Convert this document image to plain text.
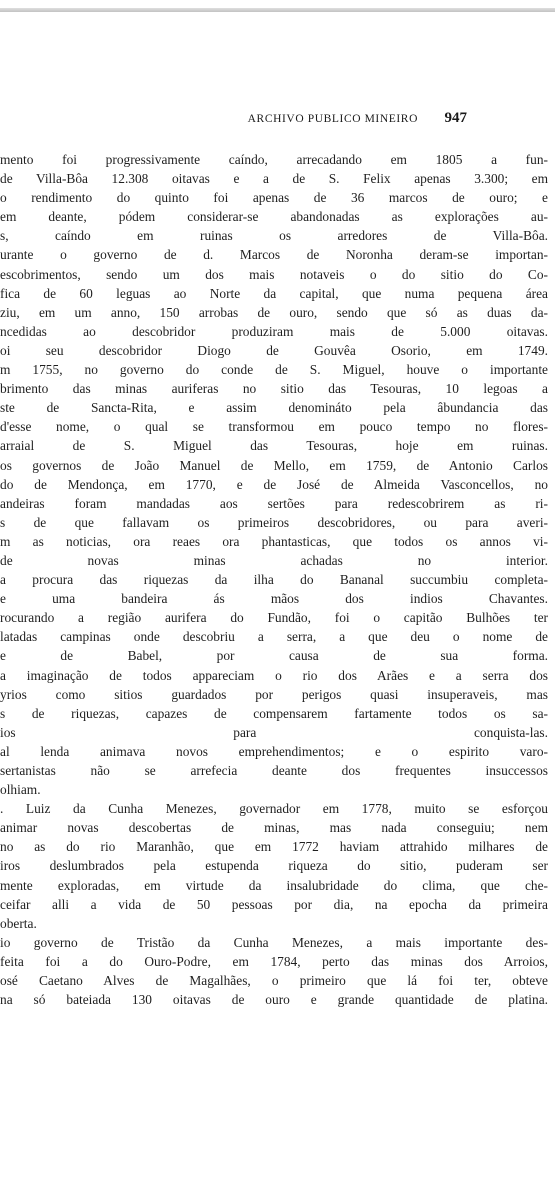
ARCHIVO PUBLICO MINEIRO 947
mento foi progressivamente caíndo, arrecadando em 1805 a fun-
de Villa-Bôa 12.308 oitavas e a de S. Felix apenas 3.300; em
o rendimento do quinto foi apenas de 36 marcos de ouro; e
em deante, pódem considerar-se abandonadas as explorações au-
s, caíndo em ruinas os arredores de Villa-Bôa.
urante o governo de d. Marcos de Noronha deram-se importan-
escobrimentos, sendo um dos mais notaveis o do sitio do Co-
fica de 60 leguas ao Norte da capital, que numa pequena área
ziu, em um anno, 150 arrobas de ouro, sendo que só as duas da-
ncedidas ao descobridor produziram mais de 5.000 oitavas.
oi seu descobridor Diogo de Gouvêa Osorio, em 1749.
m 1755, no governo do conde de S. Miguel, houve o importante
brimento das minas auriferas no sitio das Tesouras, 10 legoas a
ste de Sancta-Rita, e assim denomináto pela âbundancia das
d'esse nome, o qual se transformou em pouco tempo no flores-
arraial de S. Miguel das Tesouras, hoje em ruinas.
os governos de João Manuel de Mello, em 1759, de Antonio Carlos
do de Mendonça, em 1770, e de José de Almeida Vasconcellos, no
andeiras foram mandadas aos sertões para redescobrirem as ri-
s de que fallavam os primeiros descobridores, ou para averi-
m as noticias, ora reaes ora phantasticas, que todos os annos vi-
de novas minas achadas no interior.
a procura das riquezas da ilha do Bananal succumbiu completa-
e uma bandeira ás mãos dos indios Chavantes.
rocurando a região aurifera do Fundão, foi o capitão Bulhões ter
latadas campinas onde descobriu a serra, a que deu o nome de
e de Babel, por causa de sua forma.
a imaginação de todos appareciam o rio dos Arães e a serra dos
yrios como sitios guardados por perigos quasi insuperaveis, mas
s de riquezas, capazes de compensarem fartamente todos os sa-
ios para conquista-las.
al lenda animava novos emprehendimentos; e o espirito varo-
sertanistas não se arrefecia deante dos frequentes insuccessos
olhiam.
. Luiz da Cunha Menezes, governador em 1778, muito se esforçou
animar novas descobertas de minas, mas nada conseguiu; nem
no as do rio Maranhão, que em 1772 haviam attrahido milhares de
iros deslumbrados pela estupenda riqueza do sitio, puderam ser
mente exploradas, em virtude da insalubridade do clima, que che-
ceifar alli a vida de 50 pessoas por dia, na epocha da primeira
oberta.
io governo de Tristão da Cunha Menezes, a mais importante des-
feita foi a do Ouro-Podre, em 1784, perto das minas dos Arroios,
osé Caetano Alves de Magalhães, o primeiro que lá foi ter, obteve
na só bateiada 130 oitavas de ouro e grande quantidade de platina.
